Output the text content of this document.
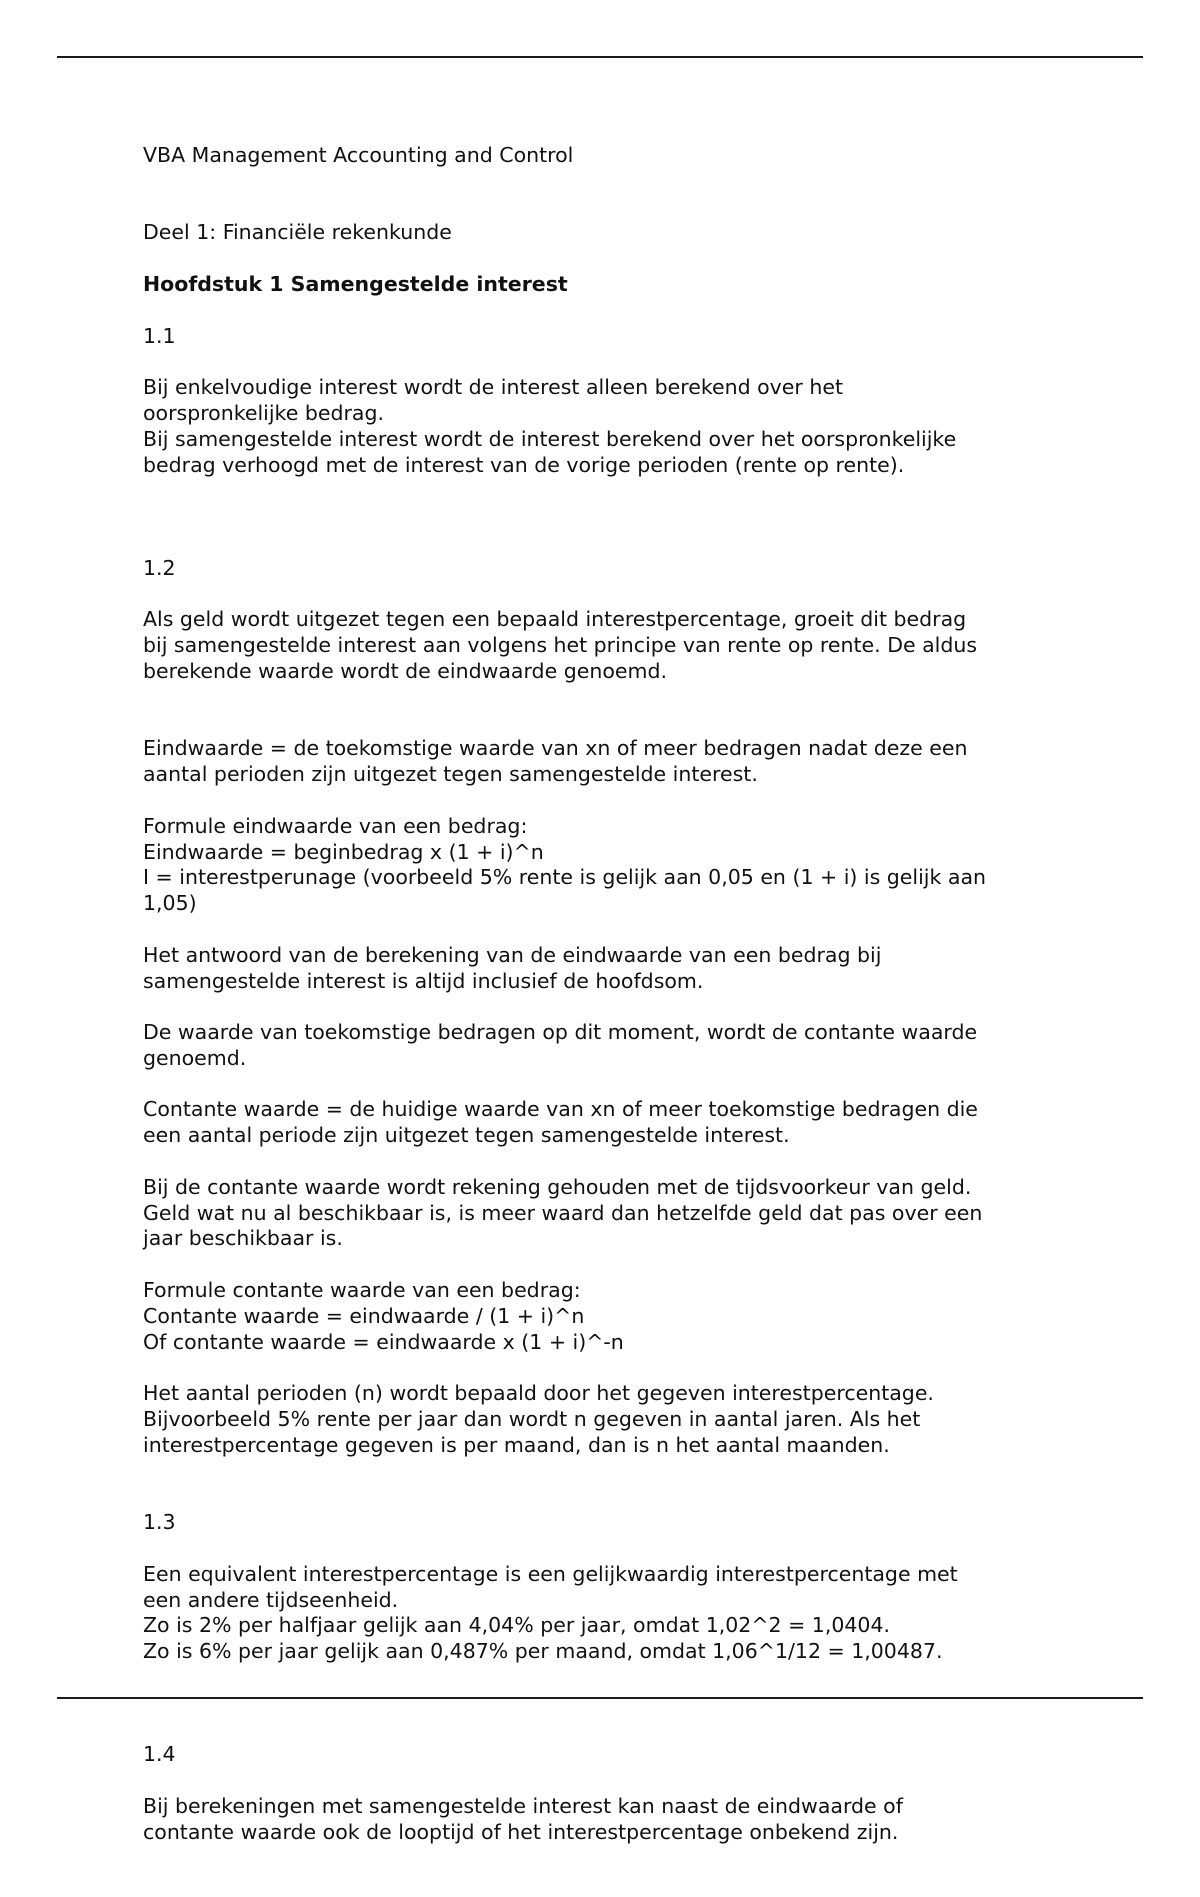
VBA Management Accounting and Control

Deel 1: Financiële rekenkunde

Hoofdstuk 1 Samengestelde interest

1.1

Bij enkelvoudige interest wordt de interest alleen berekend over het
oorspronkelijke bedrag.
Bij samengestelde interest wordt de interest berekend over het oorspronkelijke
bedrag verhoogd met de interest van de vorige perioden (rente op rente).

1.2

Als geld wordt uitgezet tegen een bepaald interestpercentage, groeit dit bedrag
bij samengestelde interest aan volgens het principe van rente op rente. De aldus
berekende waarde wordt de eindwaarde genoemd.

Eindwaarde = de toekomstige waarde van xn of meer bedragen nadat deze een
aantal perioden zijn uitgezet tegen samengestelde interest.

Formule eindwaarde van een bedrag:
Eindwaarde = beginbedrag x (1 + i)^n
I = interestperunage (voorbeeld 5% rente is gelijk aan 0,05 en (1 + i) is gelijk aan
1,05)

Het antwoord van de berekening van de eindwaarde van een bedrag bij
samengestelde interest is altijd inclusief de hoofdsom.

De waarde van toekomstige bedragen op dit moment, wordt de contante waarde
genoemd.

Contante waarde = de huidige waarde van xn of meer toekomstige bedragen die
een aantal periode zijn uitgezet tegen samengestelde interest.

Bij de contante waarde wordt rekening gehouden met de tijdsvoorkeur van geld.
Geld wat nu al beschikbaar is, is meer waard dan hetzelfde geld dat pas over een
jaar beschikbaar is.

Formule contante waarde van een bedrag:
Contante waarde = eindwaarde / (1 + i)^n
Of contante waarde = eindwaarde x (1 + i)^-n

Het aantal perioden (n) wordt bepaald door het gegeven interestpercentage.
Bijvoorbeeld 5% rente per jaar dan wordt n gegeven in aantal jaren. Als het
interestpercentage gegeven is per maand, dan is n het aantal maanden.

1.3

Een equivalent interestpercentage is een gelijkwaardig interestpercentage met
een andere tijdseenheid.
Zo is 2% per halfjaar gelijk aan 4,04% per jaar, omdat 1,02^2 = 1,0404.
Zo is 6% per jaar gelijk aan 0,487% per maand, omdat 1,06^1/12 = 1,00487.

1.4

Bij berekeningen met samengestelde interest kan naast de eindwaarde of
contante waarde ook de looptijd of het interestpercentage onbekend zijn.
